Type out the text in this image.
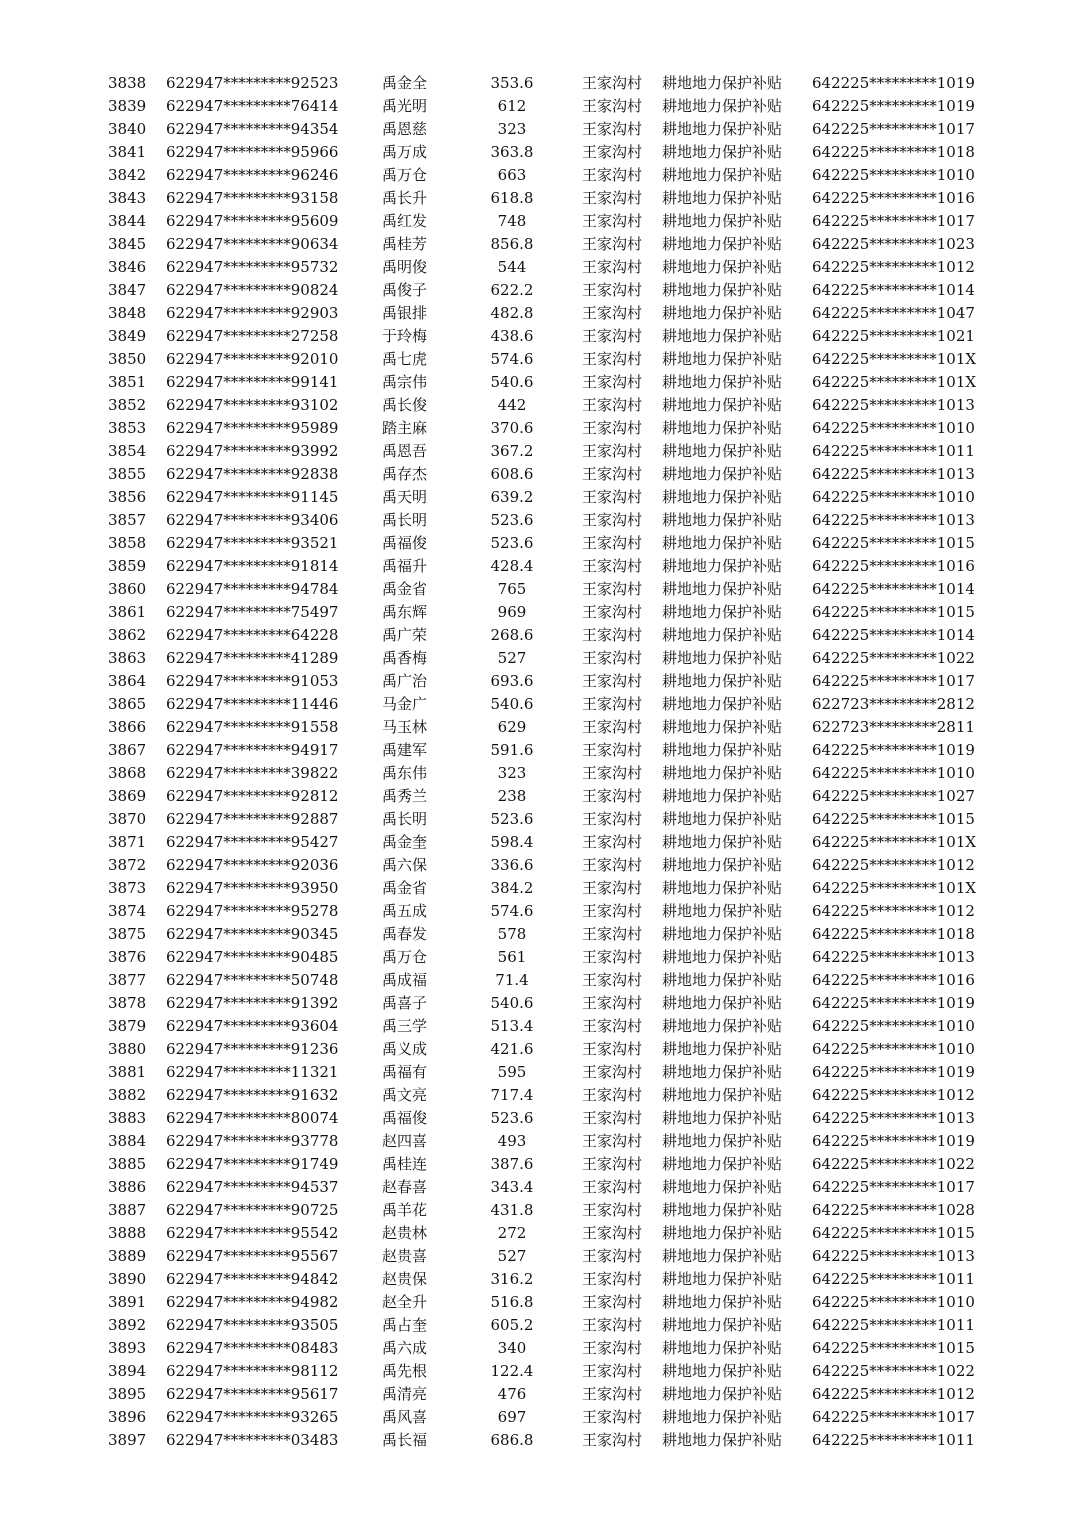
	3838	622947*********92523	禹金全	353.6		王家沟村	耕地地力保护补贴	642225*********1019
	3839	622947*********76414	禹光明	612		王家沟村	耕地地力保护补贴	642225*********1019
	3840	622947*********94354	禹恩慈	323		王家沟村	耕地地力保护补贴	642225*********1017
	3841	622947*********95966	禹万成	363.8		王家沟村	耕地地力保护补贴	642225*********1018
	3842	622947*********96246	禹万仓	663		王家沟村	耕地地力保护补贴	642225*********1010
	3843	622947*********93158	禹长升	618.8		王家沟村	耕地地力保护补贴	642225*********1016
	3844	622947*********95609	禹红发	748		王家沟村	耕地地力保护补贴	642225*********1017
	3845	622947*********90634	禹桂芳	856.8		王家沟村	耕地地力保护补贴	642225*********1023
	3846	622947*********95732	禹明俊	544		王家沟村	耕地地力保护补贴	642225*********1012
	3847	622947*********90824	禹俊子	622.2		王家沟村	耕地地力保护补贴	642225*********1014
	3848	622947*********92903	禹银排	482.8		王家沟村	耕地地力保护补贴	642225*********1047
	3849	622947*********27258	于玲梅	438.6		王家沟村	耕地地力保护补贴	642225*********1021
	3850	622947*********92010	禹七虎	574.6		王家沟村	耕地地力保护补贴	642225*********101X
	3851	622947*********99141	禹宗伟	540.6		王家沟村	耕地地力保护补贴	642225*********101X
	3852	622947*********93102	禹长俊	442		王家沟村	耕地地力保护补贴	642225*********1013
	3853	622947*********95989	踏主麻	370.6		王家沟村	耕地地力保护补贴	642225*********1010
	3854	622947*********93992	禹恩吾	367.2		王家沟村	耕地地力保护补贴	642225*********1011
	3855	622947*********92838	禹存杰	608.6		王家沟村	耕地地力保护补贴	642225*********1013
	3856	622947*********91145	禹天明	639.2		王家沟村	耕地地力保护补贴	642225*********1010
	3857	622947*********93406	禹长明	523.6		王家沟村	耕地地力保护补贴	642225*********1013
	3858	622947*********93521	禹福俊	523.6		王家沟村	耕地地力保护补贴	642225*********1015
	3859	622947*********91814	禹福升	428.4		王家沟村	耕地地力保护补贴	642225*********1016
	3860	622947*********94784	禹金省	765		王家沟村	耕地地力保护补贴	642225*********1014
	3861	622947*********75497	禹东辉	969		王家沟村	耕地地力保护补贴	642225*********1015
	3862	622947*********64228	禹广荣	268.6		王家沟村	耕地地力保护补贴	642225*********1014
	3863	622947*********41289	禹香梅	527		王家沟村	耕地地力保护补贴	642225*********1022
	3864	622947*********91053	禹广治	693.6		王家沟村	耕地地力保护补贴	642225*********1017
	3865	622947*********11446	马金广	540.6		王家沟村	耕地地力保护补贴	622723*********2812
	3866	622947*********91558	马玉林	629		王家沟村	耕地地力保护补贴	622723*********2811
	3867	622947*********94917	禹建军	591.6		王家沟村	耕地地力保护补贴	642225*********1019
	3868	622947*********39822	禹东伟	323		王家沟村	耕地地力保护补贴	642225*********1010
	3869	622947*********92812	禹秀兰	238		王家沟村	耕地地力保护补贴	642225*********1027
	3870	622947*********92887	禹长明	523.6		王家沟村	耕地地力保护补贴	642225*********1015
	3871	622947*********95427	禹金奎	598.4		王家沟村	耕地地力保护补贴	642225*********101X
	3872	622947*********92036	禹六保	336.6		王家沟村	耕地地力保护补贴	642225*********1012
	3873	622947*********93950	禹金省	384.2		王家沟村	耕地地力保护补贴	642225*********101X
	3874	622947*********95278	禹五成	574.6		王家沟村	耕地地力保护补贴	642225*********1012
	3875	622947*********90345	禹春发	578		王家沟村	耕地地力保护补贴	642225*********1018
	3876	622947*********90485	禹万仓	561		王家沟村	耕地地力保护补贴	642225*********1013
	3877	622947*********50748	禹成福	71.4		王家沟村	耕地地力保护补贴	642225*********1016
	3878	622947*********91392	禹喜子	540.6		王家沟村	耕地地力保护补贴	642225*********1019
	3879	622947*********93604	禹三学	513.4		王家沟村	耕地地力保护补贴	642225*********1010
	3880	622947*********91236	禹义成	421.6		王家沟村	耕地地力保护补贴	642225*********1010
	3881	622947*********11321	禹福有	595		王家沟村	耕地地力保护补贴	642225*********1019
	3882	622947*********91632	禹文亮	717.4		王家沟村	耕地地力保护补贴	642225*********1012
	3883	622947*********80074	禹福俊	523.6		王家沟村	耕地地力保护补贴	642225*********1013
	3884	622947*********93778	赵四喜	493		王家沟村	耕地地力保护补贴	642225*********1019
	3885	622947*********91749	禹桂连	387.6		王家沟村	耕地地力保护补贴	642225*********1022
	3886	622947*********94537	赵春喜	343.4		王家沟村	耕地地力保护补贴	642225*********1017
	3887	622947*********90725	禹羊花	431.8		王家沟村	耕地地力保护补贴	642225*********1028
	3888	622947*********95542	赵贵林	272		王家沟村	耕地地力保护补贴	642225*********1015
	3889	622947*********95567	赵贵喜	527		王家沟村	耕地地力保护补贴	642225*********1013
	3890	622947*********94842	赵贵保	316.2		王家沟村	耕地地力保护补贴	642225*********1011
	3891	622947*********94982	赵全升	516.8		王家沟村	耕地地力保护补贴	642225*********1010
	3892	622947*********93505	禹占奎	605.2		王家沟村	耕地地力保护补贴	642225*********1011
	3893	622947*********08483	禹六成	340		王家沟村	耕地地力保护补贴	642225*********1015
	3894	622947*********98112	禹先根	122.4		王家沟村	耕地地力保护补贴	642225*********1022
	3895	622947*********95617	禹清亮	476		王家沟村	耕地地力保护补贴	642225*********1012
	3896	622947*********93265	禹风喜	697		王家沟村	耕地地力保护补贴	642225*********1017
	3897	622947*********03483	禹长福	686.8		王家沟村	耕地地力保护补贴	642225*********1011
